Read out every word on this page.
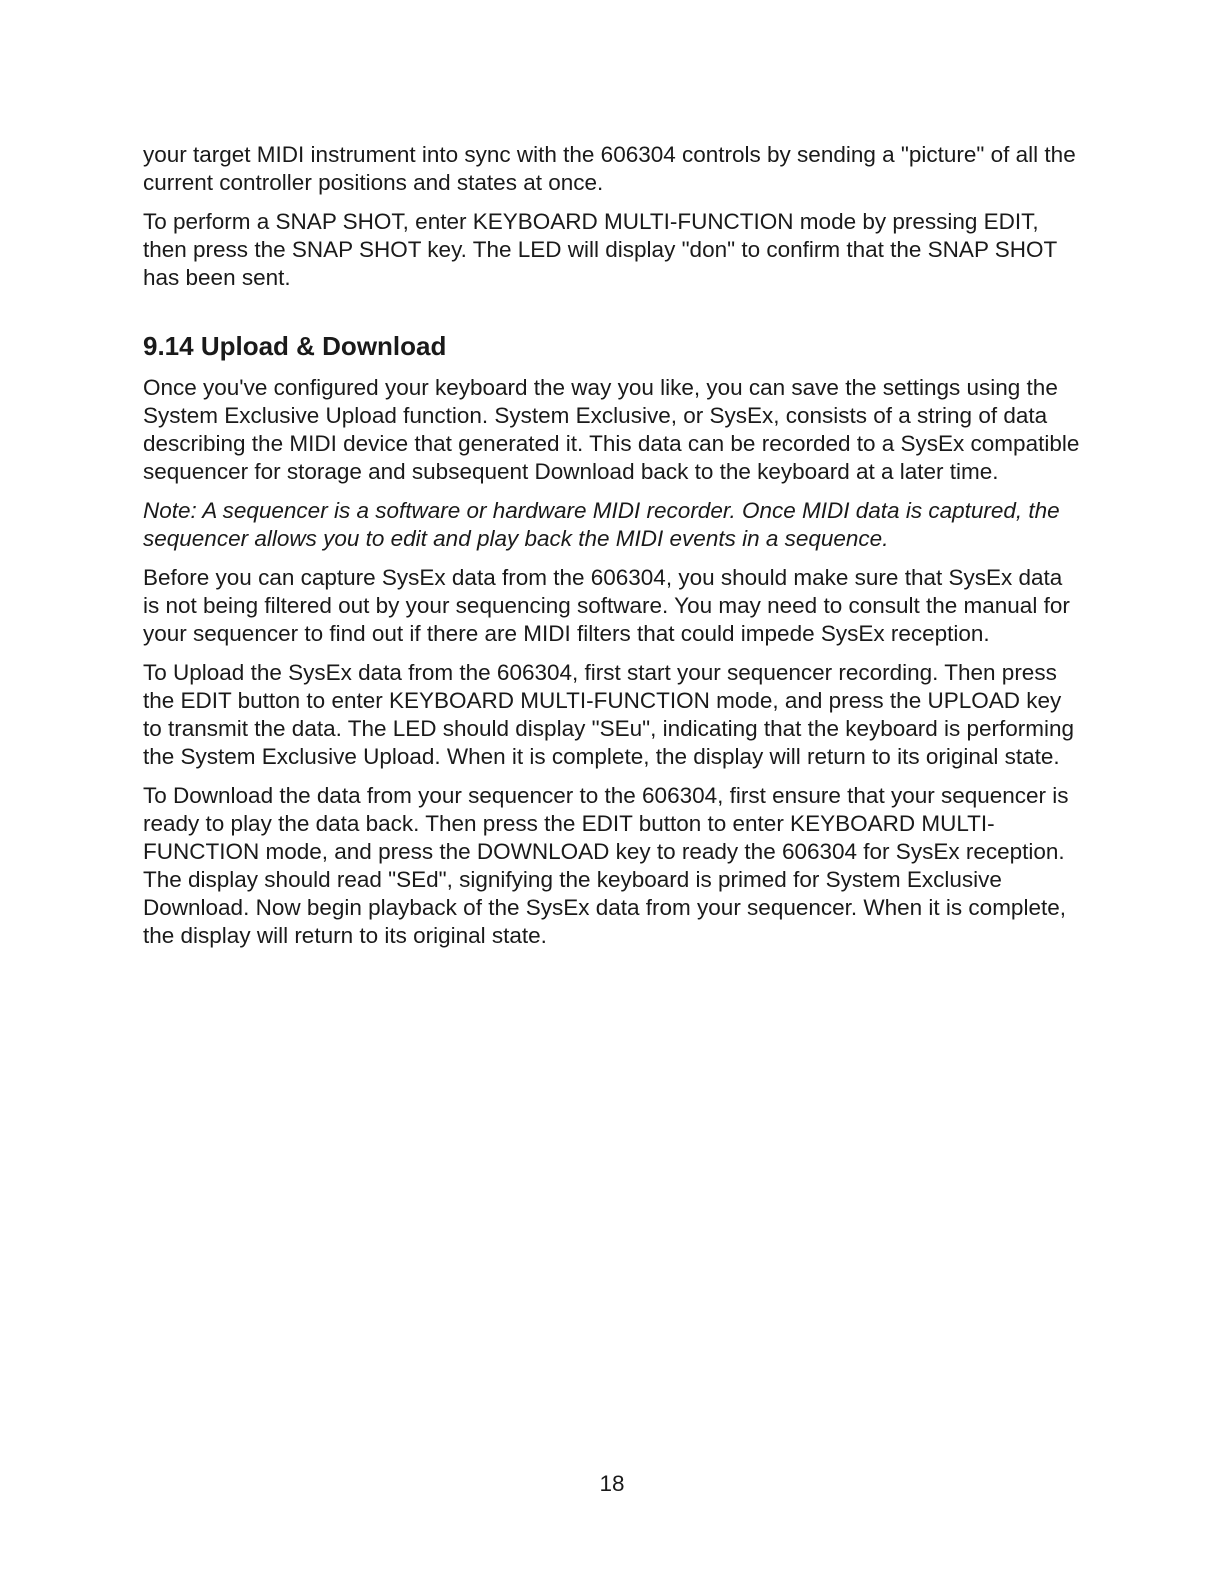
your target MIDI instrument into sync with the 606304 controls by sending a "picture" of all the current controller positions and states at once.

To perform a SNAP SHOT, enter KEYBOARD MULTI-FUNCTION mode by pressing EDIT, then press the SNAP SHOT key. The LED will display "don" to confirm that the SNAP SHOT has been sent.

9.14 Upload & Download

Once you've configured your keyboard the way you like, you can save the settings using the System Exclusive Upload function. System Exclusive, or SysEx, consists of a string of data describing the MIDI device that generated it. This data can be recorded to a SysEx compatible sequencer for storage and subsequent Download back to the keyboard at a later time.

Note: A sequencer is a software or hardware MIDI recorder. Once MIDI data is captured, the sequencer allows you to edit and play back the MIDI events in a sequence.

Before you can capture SysEx data from the 606304, you should make sure that SysEx data is not being filtered out by your sequencing software. You may need to consult the manual for your sequencer to find out if there are MIDI filters that could impede SysEx reception.

To Upload the SysEx data from the 606304, first start your sequencer recording. Then press the EDIT button to enter KEYBOARD MULTI-FUNCTION mode, and press the UPLOAD key to transmit the data. The LED should display "SEu", indicating that the keyboard is performing the System Exclusive Upload. When it is complete, the display will return to its original state.

To Download the data from your sequencer to the 606304, first ensure that your sequencer is ready to play the data back. Then press the EDIT button to enter KEYBOARD MULTI-FUNCTION mode, and press the DOWNLOAD key to ready the 606304 for SysEx reception. The display should read "SEd", signifying the keyboard is primed for System Exclusive Download. Now begin playback of the SysEx data from your sequencer. When it is complete, the display will return to its original state.

18
